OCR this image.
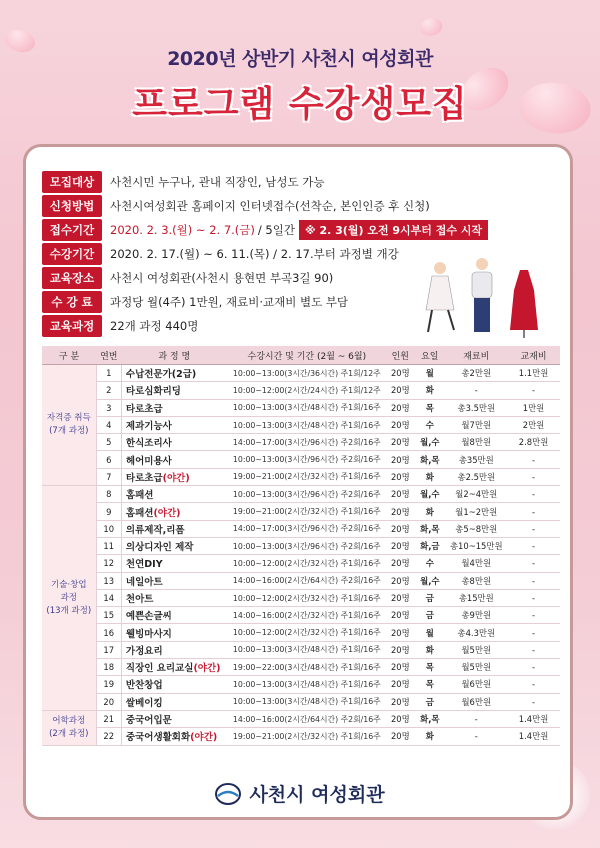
2020년 상반기 사천시 여성회관
프로그램 수강생모집
모집대상	사천시민 누구나, 관내 직장인, 남성도 가능
신청방법	사천시여성회관 홈페이지 인터넷접수(선착순, 본인인증 후 신청)
접수기간	2020. 2. 3.(월) ~ 2. 7.(금) / 5일간 ※ 2. 3(월) 오전 9시부터 접수 시작
수강기간	2020. 2. 17.(월) ~ 6. 11.(목) / 2. 17.부터 과정별 개강
교육장소	사천시 여성회관(사천시 용현면 부곡3길 90)
수 강 료	과정당 월(4주) 1만원, 재료비·교재비 별도 부담
교육과정	22개 과정 440명
구 분	연번	과 정 명	수강시간 및 기간 (2월 ~ 6월)	인원	요일	재료비	교재비
자격증 취득
(7개 과정)	1	수납전문가(2급)	10:00~13:00(3시간/36시간) 주1회/12주	20명	월	총2만원	1.1만원
	2	타로심화리딩	10:00~12:00(2시간/24시간) 주1회/12주	20명	화	-	-
	3	타로초급	10:00~13:00(3시간/48시간) 주1회/16주	20명	목	총3.5만원	1만원
	4	제과기능사	10:00~13:00(3시간/48시간) 주1회/16주	20명	수	월7만원	2만원
	5	한식조리사	14:00~17:00(3시간/96시간) 주2회/16주	20명	월,수	월8만원	2.8만원
	6	헤어미용사	10:00~13:00(3시간/96시간) 주2회/16주	20명	화,목	총35만원	-
	7	타로초급(야간)	19:00~21:00(2시간/32시간) 주1회/16주	20명	화	총2.5만원	-
기술·창업
과정
(13개 과정)	8	홈패션	10:00~13:00(3시간/96시간) 주2회/16주	20명	월,수	월2~4만원	-
	9	홈패션(야간)	19:00~21:00(2시간/32시간) 주1회/16주	20명	화	월1~2만원	-
	10	의류제작,리폼	14:00~17:00(3시간/96시간) 주2회/16주	20명	화,목	총5~8만원	-
	11	의상디자인 제작	10:00~13:00(3시간/96시간) 주2회/16주	20명	화,금	총10~15만원	-
	12	천연DIY	10:00~12:00(2시간/32시간) 주1회/16주	20명	수	월4만원	-
	13	네일아트	14:00~16:00(2시간/64시간) 주2회/16주	20명	월,수	총8만원	-
	14	천아트	10:00~12:00(2시간/32시간) 주1회/16주	20명	금	총15만원	-
	15	예쁜손글씨	14:00~16:00(2시간/32시간) 주1회/16주	20명	금	총9만원	-
	16	웰빙마사지	10:00~12:00(2시간/32시간) 주1회/16주	20명	월	총4.3만원	-
	17	가정요리	10:00~13:00(3시간/48시간) 주1회/16주	20명	화	월5만원	-
	18	직장인 요리교실(야간)	19:00~22:00(3시간/48시간) 주1회/16주	20명	목	월5만원	-
	19	반찬창업	10:00~13:00(3시간/48시간) 주1회/16주	20명	목	월6만원	-
	20	쌀베이킹	10:00~13:00(3시간/48시간) 주1회/16주	20명	금	월6만원	-
어학과정
(2개 과정)	21	중국어입문	14:00~16:00(2시간/64시간) 주2회/16주	20명	화,목	-	1.4만원
	22	중국어생활회화(야간)	19:00~21:00(2시간/32시간) 주1회/16주	20명	화	-	1.4만원
사천시 여성회관
